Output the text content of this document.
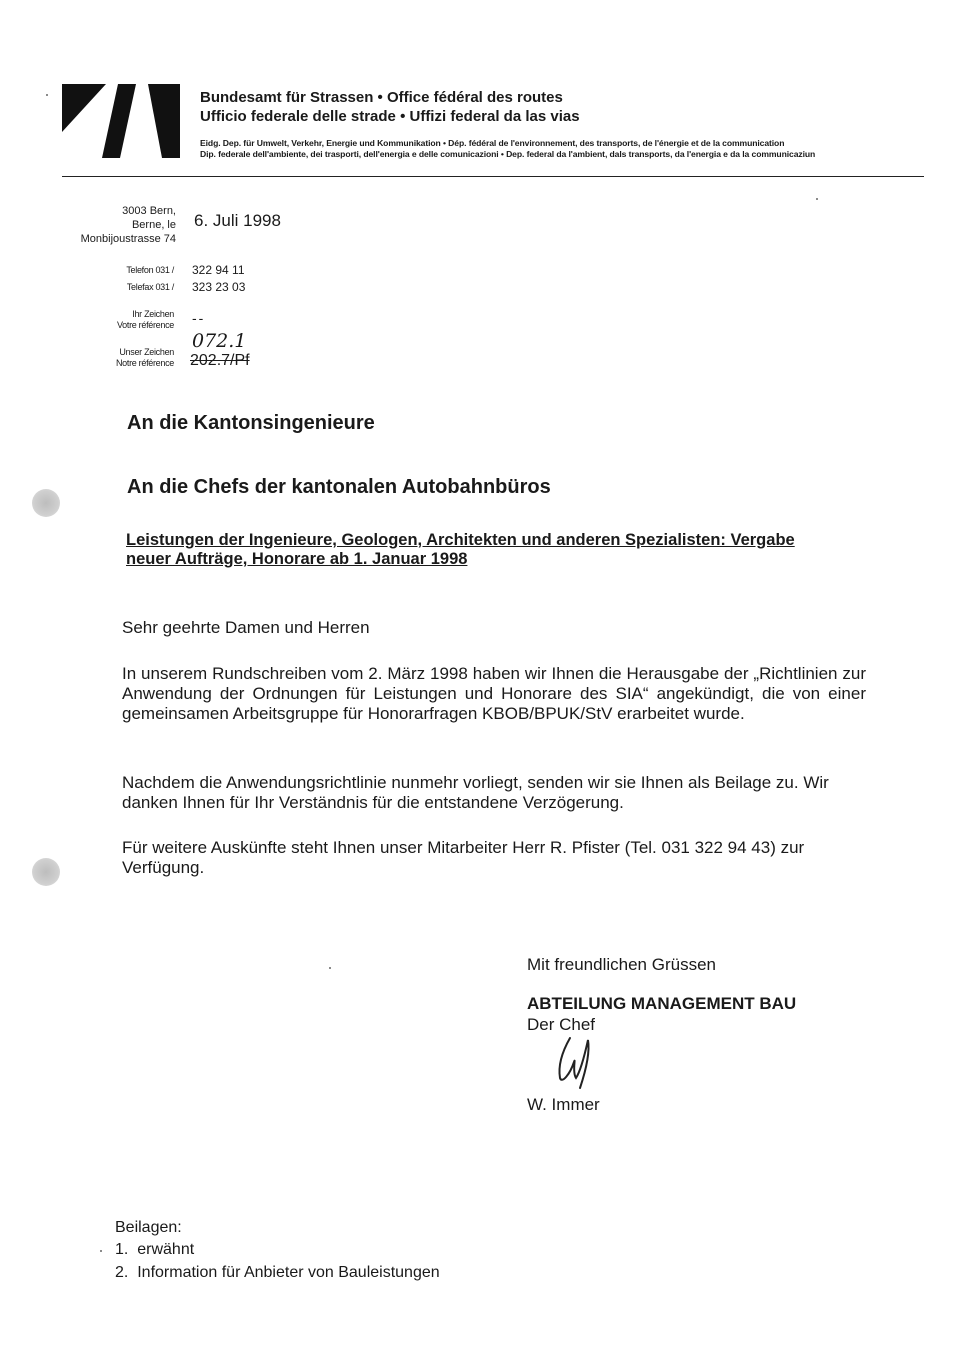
Bundesamt für Strassen • Office fédéral des routes
Ufficio federale delle strade • Uffizi federal da las vias
Eidg. Dep. für Umwelt, Verkehr, Energie und Kommunikation • Dép. fédéral de l'environnement, des transports, de l'énergie et de la communication
Dip. federale dell'ambiente, dei trasporti, dell'energia e delle comunicazioni • Dep. federal da l'ambient, dals transports, da l'energia e da la communicaziun
3003 Bern,
Berne, le
Monbijoustrasse 74
6. Juli 1998
Telefon 031 / 322 94 11
Telefax 031 / 323 23 03
Ihr Zeichen
Votre référence --
Unser Zeichen
Notre référence
072.1
202.7/Pf
An die Kantonsingenieure
An die Chefs der kantonalen Autobahnbüros
Leistungen der Ingenieure, Geologen, Architekten und anderen Spezialisten: Vergabe
neuer Aufträge, Honorare ab 1. Januar 1998
Sehr geehrte Damen und Herren
In unserem Rundschreiben vom 2. März 1998 haben wir Ihnen die Herausgabe der „Richtlinien zur Anwendung der Ordnungen für Leistungen und Honorare des SIA“ angekündigt, die von einer gemeinsamen Arbeitsgruppe für Honorarfragen KBOB/BPUK/StV erarbeitet wurde.
Nachdem die Anwendungsrichtlinie nunmehr vorliegt, senden wir sie Ihnen als Beilage zu. Wir danken Ihnen für Ihr Verständnis für die entstandene Verzögerung.
Für weitere Auskünfte steht Ihnen unser Mitarbeiter Herr R. Pfister (Tel. 031 322 94 43) zur Verfügung.
Mit freundlichen Grüssen
ABTEILUNG MANAGEMENT BAU
Der Chef
W. Immer
Beilagen:
1. erwähnt
2. Information für Anbieter von Bauleistungen
